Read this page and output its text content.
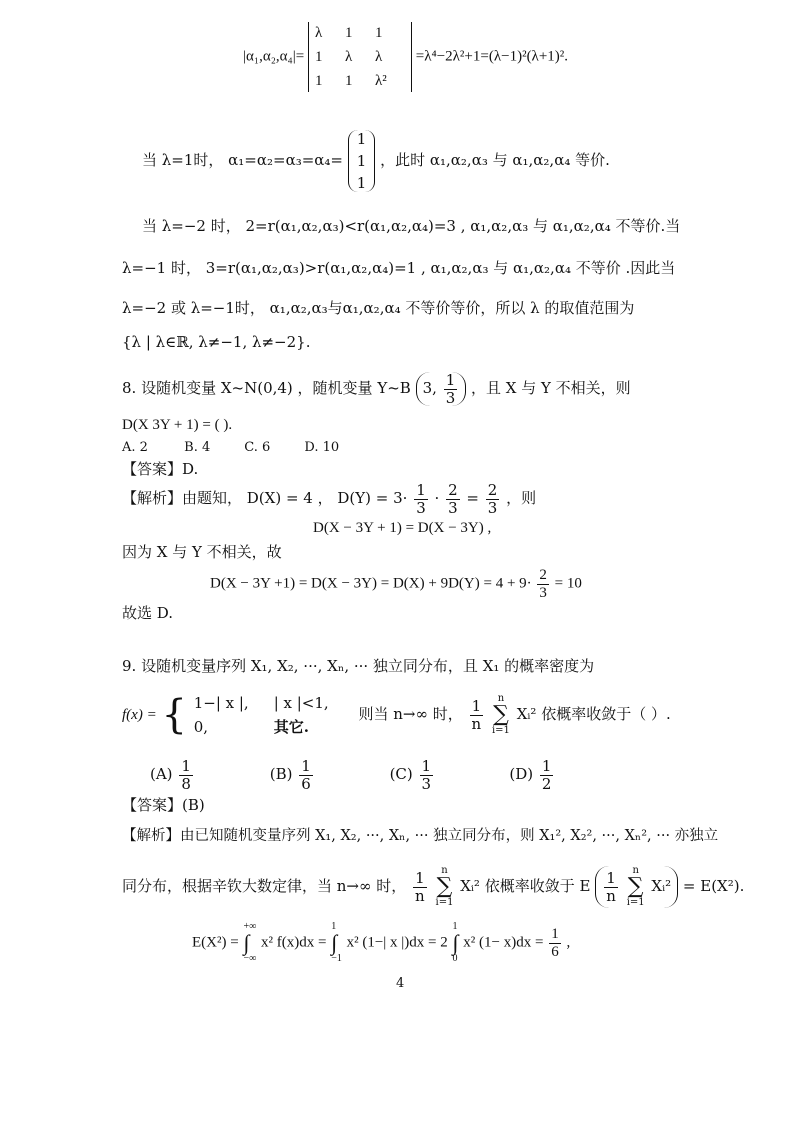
|α₁,α₂,α₄|=
λ	1	1
1	λ	λ
1	1	λ²
=λ⁴−2λ²+1=(λ−1)²(λ+1)².
当 λ=1时， α₁=α₂=α₃=α₄=
1
1
1
，此时 α₁,α₂,α₃ 与 α₁,α₂,α₄ 等价.
当 λ=−2 时， 2=r(α₁,α₂,α₃)<r(α₁,α₂,α₄)=3 , α₁,α₂,α₃ 与 α₁,α₂,α₄ 不等价.当
λ=−1 时， 3=r(α₁,α₂,α₃)>r(α₁,α₂,α₄)=1 , α₁,α₂,α₃ 与 α₁,α₂,α₄ 不等价 .因此当
λ=−2 或 λ=−1时， α₁,α₂,α₃与α₁,α₂,α₄ 不等价等价，所以 λ 的取值范围为
{λ | λ∈ℝ, λ≠−1, λ≠−2}.
8. 设随机变量 X~N(0,4) ，随机变量 Y~B 3, $\frac{1}{3}$ ，且 X 与 Y 不相关，则
D(X 3Y + 1) = ( ).
A. 2	B. 4	C. 6	D. 10
【答案】D.
【解析】由题知， D(X) = 4 ， $D(Y) = 3\cdot \frac{1}{3} \cdot \frac{2}{3} = \frac{2}{3}$ ，则
D(X − 3Y + 1) = D(X − 3Y) ,
因为 X 与 Y 不相关，故
$D(X - 3Y +1) = D(X - 3Y) = D(X) + 9D(Y) = 4 + 9\cdot \frac{2}{3} = 10$
故选 D.
9. 设随机变量序列 X₁, X₂, ···, Xₙ, ··· 独立同分布，且 X₁ 的概率密度为
f(x) = { 1−| x |,	| x |<1,
0,	其它.
则当 n→∞ 时， $\frac{1}{n}$
n
∑
i=1
Xᵢ² 依概率收敛于（ ）.
$(A) \frac{1}{8}$	$(B) \frac{1}{6}$	$(C) \frac{1}{3}$	$(D) \frac{1}{2}$
【答案】(B)
【解析】由已知随机变量序列 X₁, X₂, ···, Xₙ, ··· 独立同分布，则 X₁², X₂², ···, Xₙ², ··· 亦独立
同分布，根据辛钦大数定律，当 n→∞ 时， $\frac{1}{n}$
n
∑
i=1
Xᵢ² 依概率收敛于 E $\frac{1}{n}$
n
∑
i=1
Xᵢ² = E(X²).
E(X²) =
+∞
∫
−∞
x² f(x)dx =
1
∫
−1
x² (1−| x |)dx = 2
1
∫
0
x² $(1- x)dx = \frac{1}{6}$ ,
4
